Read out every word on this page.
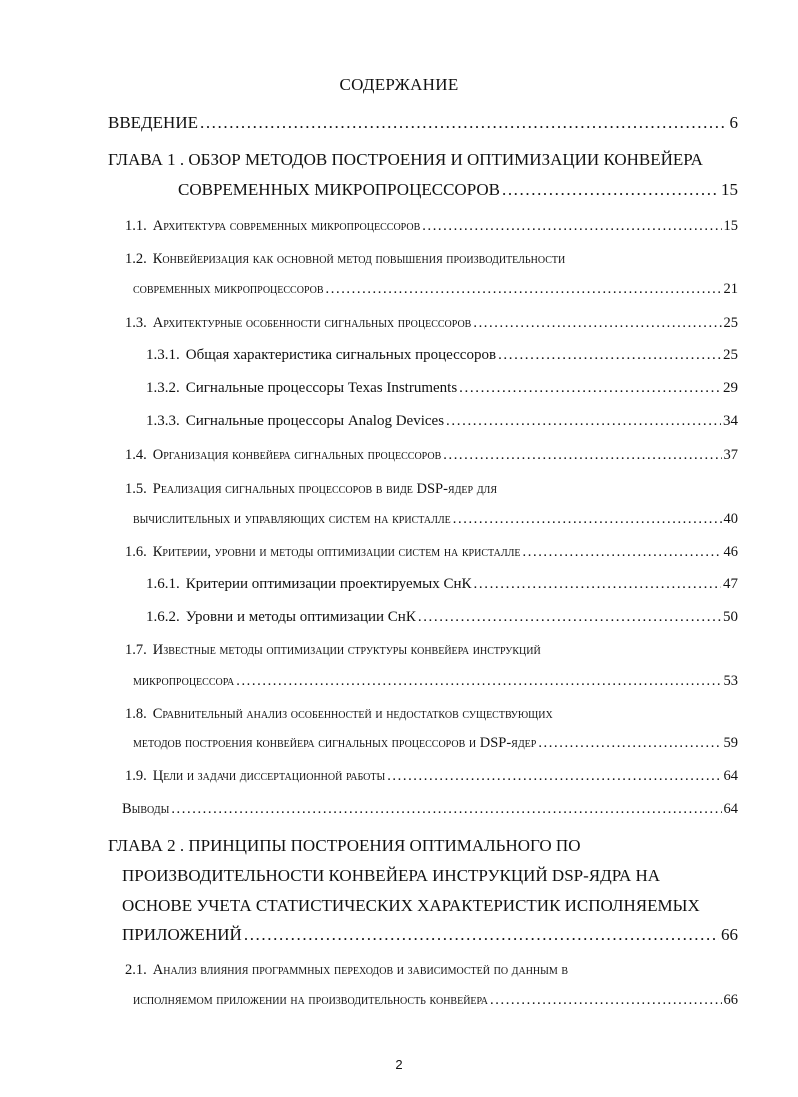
СОДЕРЖАНИЕ
ВВЕДЕНИЕ .....	6
ГЛАВА 1 . ОБЗОР МЕТОДОВ ПОСТРОЕНИЯ И ОПТИМИЗАЦИИ КОНВЕЙЕРА
СОВРЕМЕННЫХ МИКРОПРОЦЕССОРОВ .....	15
1.1. Архитектура современных микропроцессоров .....	15
1.2. Конвейеризация как основной метод повышения производительности
современных микропроцессоров .....	21
1.3. Архитектурные особенности сигнальных процессоров .....	25
1.3.1. Общая характеристика сигнальных процессоров .....	25
1.3.2. Сигнальные процессоры Texas Instruments .....	29
1.3.3. Сигнальные процессоры Analog Devices .....	34
1.4. Организация конвейера сигнальных процессоров .....	37
1.5. Реализация сигнальных процессоров в виде DSP-ядер для
вычислительных и управляющих систем на кристалле .....	40
1.6. Критерии, уровни и методы оптимизации систем на кристалле .....	46
1.6.1. Критерии оптимизации проектируемых СнК .....	47
1.6.2. Уровни и методы оптимизации СнК .....	50
1.7. Известные методы оптимизации структуры конвейера инструкций
микропроцессора .....	53
1.8. Сравнительный анализ особенностей и недостатков существующих
методов построения конвейера сигнальных процессоров и DSP-ядер .....	59
1.9. Цели и задачи диссертационной работы .....	64
Выводы .....	64
ГЛАВА 2 . ПРИНЦИПЫ ПОСТРОЕНИЯ ОПТИМАЛЬНОГО ПО
ПРОИЗВОДИТЕЛЬНОСТИ КОНВЕЙЕРА ИНСТРУКЦИЙ DSP-ЯДРА НА
ОСНОВЕ УЧЕТА СТАТИСТИЧЕСКИХ ХАРАКТЕРИСТИК ИСПОЛНЯЕМЫХ
ПРИЛОЖЕНИЙ .....	66
2.1. Анализ влияния программных переходов и зависимостей по данным в
исполняемом приложении на производительность конвейера .....	66
2
